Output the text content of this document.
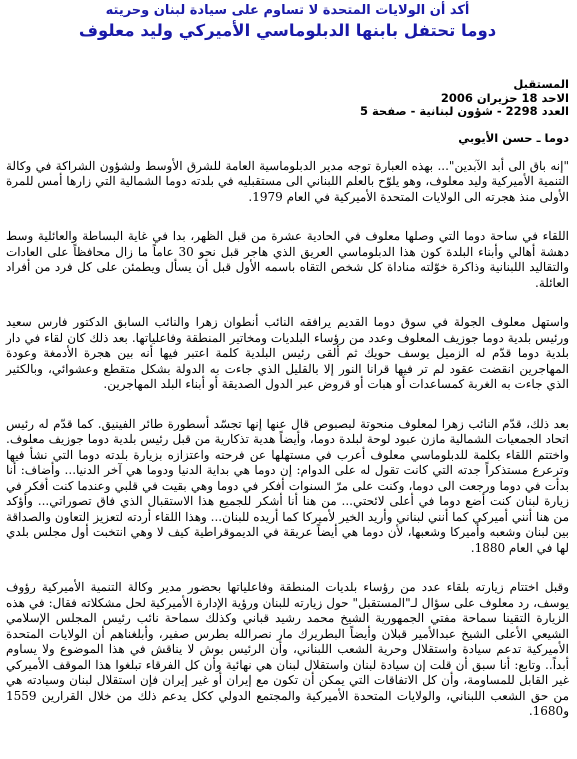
أكد أن الولايات المتحدة لا تساوم على سيادة لبنان وحريته

دوما تحتفل بابنها الدبلوماسي الأميركي وليد معلوف

المستقبل
الاحد 18 حزيران 2006
العدد 2298 - شؤون لبنانية - صفحة 5
دوما ـ حسن الأيوبي

"إنه باق الى أبد الآبدين"... بهذه العبارة توجه مدير الدبلوماسية العامة للشرق الأوسط ولشؤون الشراكة في وكالة التنمية الأميركية وليد معلوف، وهو يلوّح بالعلم اللبناني الى مستقبليه في بلدته دوما الشمالية التي زارها أمس للمرة الأولى منذ هجرته الى الولايات المتحدة الأميركية في العام 1979.

اللقاء في ساحة دوما التي وصلها معلوف في الحادية عشرة من قبل الظهر، بدا في غاية البساطة والعائلية وسط دهشة أهالي وأبناء البلدة كون هذا الدبلوماسي العريق الذي هاجر قبل نحو 30 عاماً ما زال محافظاً على العادات والتقاليد اللبنانية وذاكرة خوّلته مناداة كل شخص التقاه باسمه الأول قبل أن يسأل ويطمئن على كل فرد من أفراد العائلة.

واستهل معلوف الجولة في سوق دوما القديم يرافقه النائب أنطوان زهرا والنائب السابق الدكتور فارس سعيد ورئيس بلدية دوما جوزيف المعلوف وعدد من رؤساء البلديات ومخاتير المنطقة وفاعلياتها. بعد ذلك كان لقاء في دار بلدية دوما قدّم له الزميل يوسف حويك ثم ألقى رئيس البلدية كلمة اعتبر فيها أنه بين هجرة الأدمغة وعودة المهاجرين انقضت عقود لم تر فيها قرانا النور إلا بالقليل الذي جاءت به الدولة بشكل متقطع وعشوائي، وبالكثير الذي جاءت به الغربة كمساعدات أو هبات أو قروض عبر الدول الصديقة أو أبناء البلد المهاجرين.

بعد ذلك، قدّم النائب زهرا لمعلوف منحوتة لبصبوص قال عنها إنها تجسّد أسطورة طائر الفينيق. كما قدّم له رئيس اتحاد الجمعيات الشمالية مازن عبود لوحة لبلدة دوما، وأيضاً هدية تذكارية من قبل رئيس بلدية دوما جوزيف معلوف. واختتم اللقاء بكلمة للدبلوماسي معلوف أعرب في مستهلها عن فرحته واعتزازه بزيارة بلدته دوما التي نشأ فيها وترعرع مستذكراً جدته التي كانت تقول له على الدوام: إن دوما هي بداية الدنيا ودوما هي آخر الدنيا... وأضاف: أنا بدأت في دوما ورجعت الى دوما، وكنت على مرّ السنوات أفكر في دوما وهي بقيت في قلبي وعندما كنت أفكر في زيارة لبنان كنت أضع دوما في أعلى لائحتي... من هنا أنا أشكر للجميع هذا الاستقبال الذي فاق تصوراتي... وأؤكد من هنا أنني أميركي كما أنني لبناني وأريد الخير لأميركا كما أريده للبنان... وهذا اللقاء أردته لتعزيز التعاون والصداقة بين لبنان وشعبه وأميركا وشعبها، لأن دوما هي أيضاً عريقة في الديموقراطية كيف لا وهي انتخبت أول مجلس بلدي لها في العام 1880.

وقبل اختتام زيارته بلقاء عدد من رؤساء بلديات المنطقة وفاعلياتها بحضور مدير وكالة التنمية الأميركية رؤوف يوسف، رد معلوف على سؤال لـ"المستقبل" حول زيارته للبنان ورؤية الإدارة الأميركية لحل مشكلاته فقال: في هذه الزيارة التقينا سماحة مفتي الجمهورية الشيخ محمد رشيد قباني وكذلك سماحة نائب رئيس المجلس الإسلامي الشيعي الأعلى الشيخ عبدالأمير قبلان وأيضاً البطريرك مار نصرالله بطرس صفير، وأبلغناهم أن الولايات المتحدة الأميركية تدعم سيادة واستقلال وحرية الشعب اللبناني، وأن الرئيس بوش لا يناقش في هذا الموضوع ولا يساوم أبداً.. وتابع: أنا سبق أن قلت إن سيادة لبنان واستقلال لبنان هي نهائية وأن كل الفرقاء تبلغوا هذا الموقف الأميركي غير القابل للمساومة، وأن كل الاتفاقات التي يمكن أن تكون مع إيران أو غير إيران فإن استقلال لبنان وسيادته هي من حق الشعب اللبناني، والولايات المتحدة الأميركية والمجتمع الدولي ككل يدعم ذلك من خلال القرارين 1559 و1680.
